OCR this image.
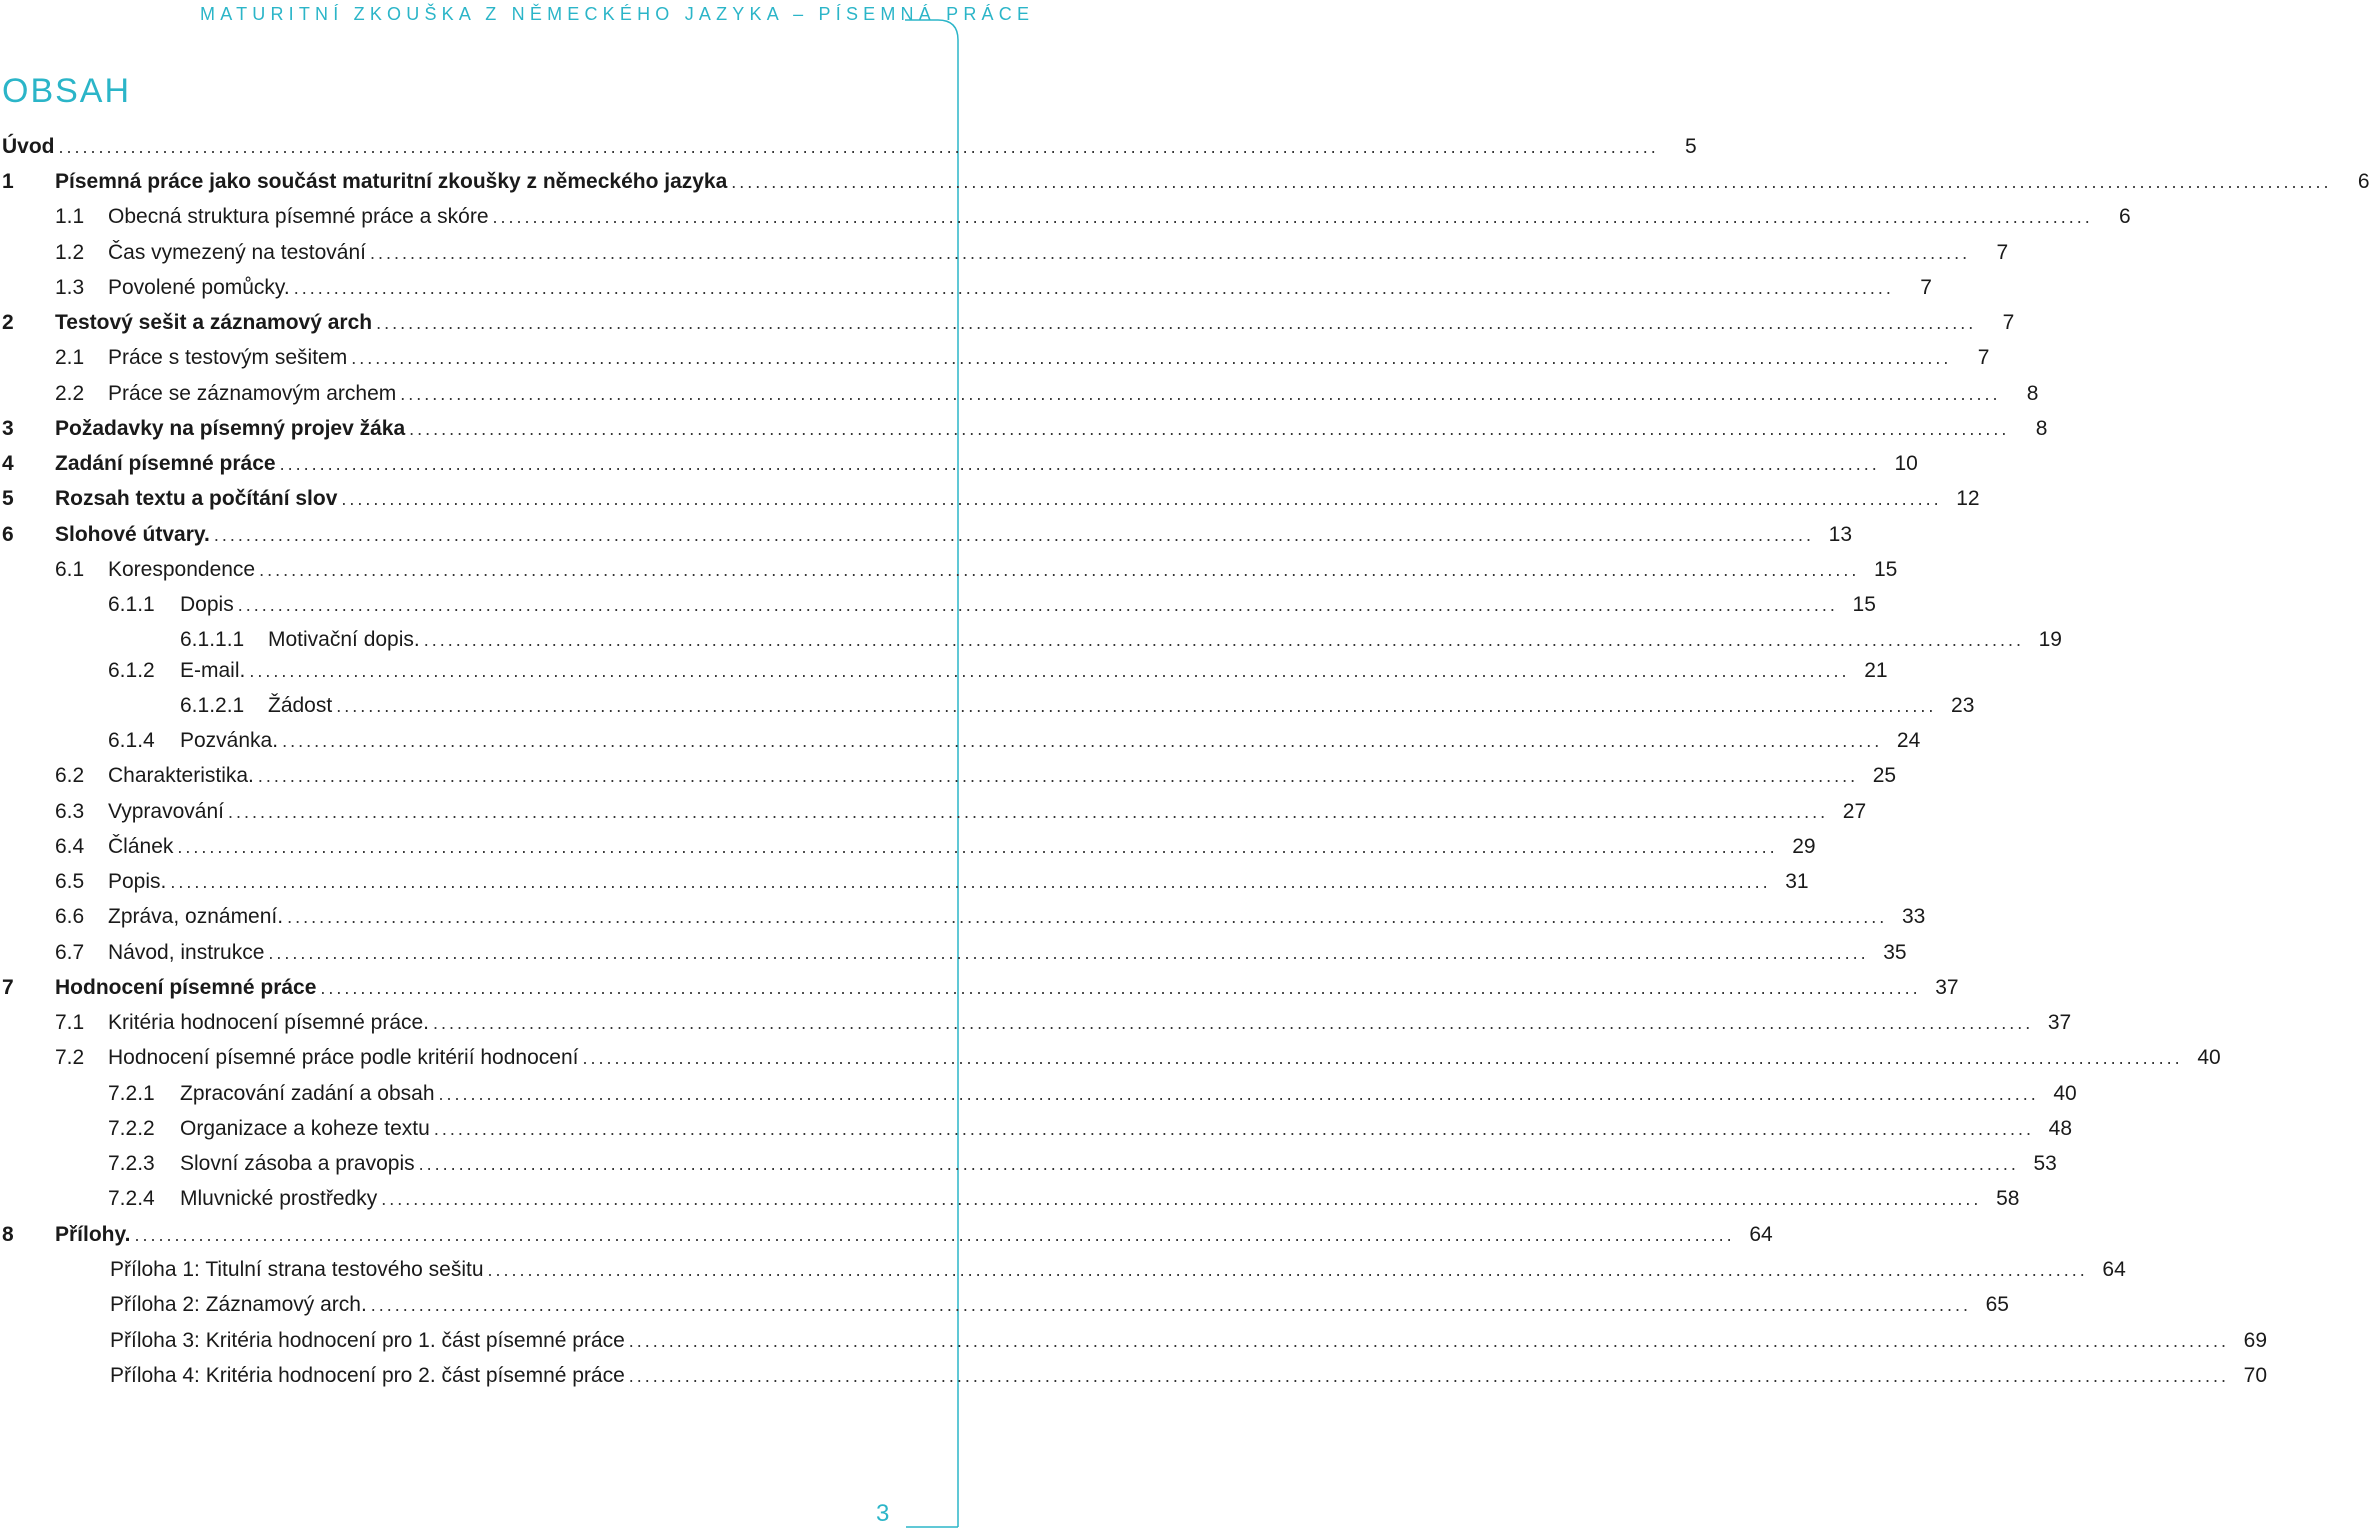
MATURITNÍ ZKOUŠKA Z NĚMECKÉHO JAZYKA – PÍSEMNÁ PRÁCE
OBSAH
Úvod ........................................................................................................................................................................................................	5
1 Písemná práce jako součást maturitní zkoušky z německého jazyka ........................................................................................................................................................................................................	6
1.1 Obecná struktura písemné práce a skóre ........................................................................................................................................................................................................	6
1.2 Čas vymezený na testování ........................................................................................................................................................................................................	7
1.3 Povolené pomůcky. ........................................................................................................................................................................................................	7
2 Testový sešit a záznamový arch ........................................................................................................................................................................................................	7
2.1 Práce s testovým sešitem ........................................................................................................................................................................................................	7
2.2 Práce se záznamovým archem ........................................................................................................................................................................................................	8
3 Požadavky na písemný projev žáka ........................................................................................................................................................................................................	8
4 Zadání písemné práce ........................................................................................................................................................................................................ 10
5 Rozsah textu a počítání slov ........................................................................................................................................................................................................ 12
6 Slohové útvary. ........................................................................................................................................................................................................ 13
6.1 Korespondence ........................................................................................................................................................................................................ 15
6.1.1 Dopis ........................................................................................................................................................................................................ 15
6.1.1.1 Motivační dopis. ........................................................................................................................................................................................................ 19
6.1.2 E-mail. ........................................................................................................................................................................................................ 21
6.1.2.1 Žádost ........................................................................................................................................................................................................ 23
6.1.4 Pozvánka. ........................................................................................................................................................................................................ 24
6.2 Charakteristika. ........................................................................................................................................................................................................ 25
6.3 Vypravování ........................................................................................................................................................................................................ 27
6.4 Článek ........................................................................................................................................................................................................ 29
6.5 Popis. ........................................................................................................................................................................................................ 31
6.6 Zpráva, oznámení. ........................................................................................................................................................................................................ 33
6.7 Návod, instrukce ........................................................................................................................................................................................................ 35
7 Hodnocení písemné práce ........................................................................................................................................................................................................ 37
7.1 Kritéria hodnocení písemné práce. ........................................................................................................................................................................................................ 37
7.2 Hodnocení písemné práce podle kritérií hodnocení ........................................................................................................................................................................................................ 40
7.2.1 Zpracování zadání a obsah ........................................................................................................................................................................................................ 40
7.2.2 Organizace a koheze textu ........................................................................................................................................................................................................ 48
7.2.3 Slovní zásoba a pravopis ........................................................................................................................................................................................................ 53
7.2.4 Mluvnické prostředky ........................................................................................................................................................................................................ 58
8 Přílohy. ........................................................................................................................................................................................................ 64
Příloha 1: Titulní strana testového sešitu ........................................................................................................................................................................................................ 64
Příloha 2: Záznamový arch. ........................................................................................................................................................................................................ 65
Příloha 3: Kritéria hodnocení pro 1. část písemné práce ........................................................................................................................................................................................................ 69
Příloha 4: Kritéria hodnocení pro 2. část písemné práce ........................................................................................................................................................................................................ 70
3
